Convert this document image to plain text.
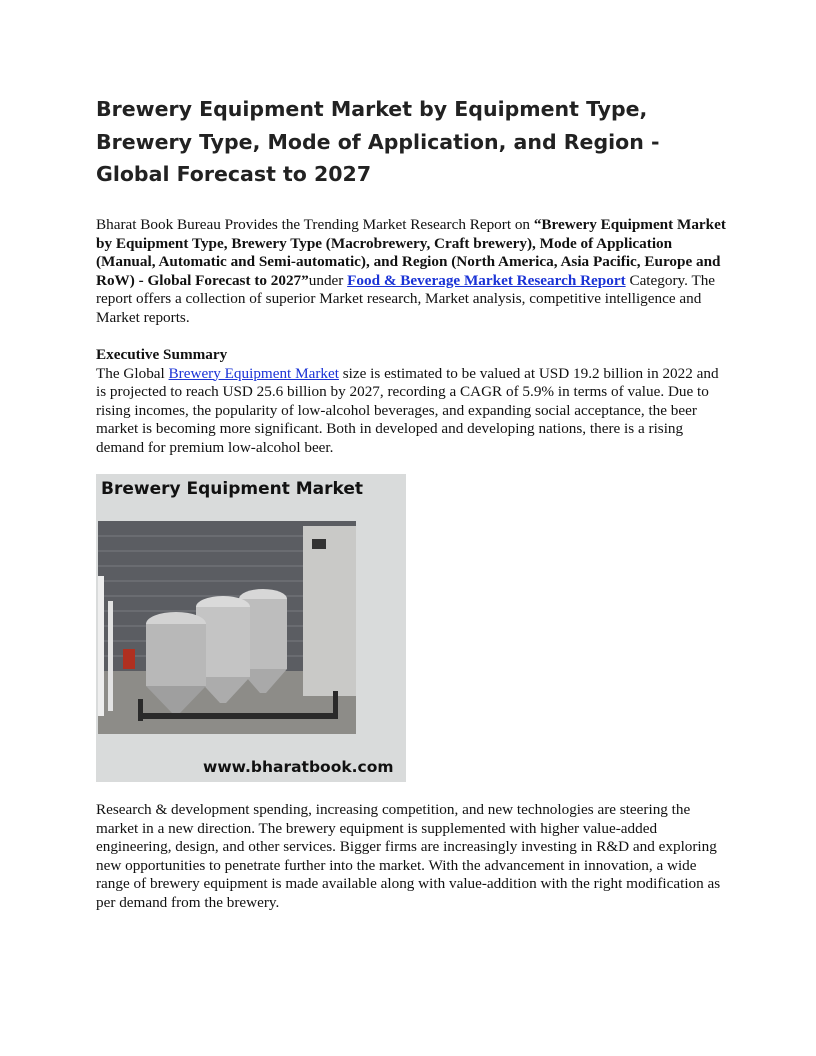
Brewery Equipment Market by Equipment Type, Brewery Type, Mode of Application, and Region - Global Forecast to 2027

Bharat Book Bureau Provides the Trending Market Research Report on “Brewery Equipment Market by Equipment Type, Brewery Type (Macrobrewery, Craft brewery), Mode of Application (Manual, Automatic and Semi-automatic), and Region (North America, Asia Pacific, Europe and RoW) - Global Forecast to 2027”under Food & Beverage Market Research Report Category. The report offers a collection of superior Market research, Market analysis, competitive intelligence and Market reports.

Executive Summary

The Global Brewery Equipment Market size is estimated to be valued at USD 19.2 billion in 2022 and is projected to reach USD 25.6 billion by 2027, recording a CAGR of 5.9% in terms of value. Due to rising incomes, the popularity of low-alcohol beverages, and expanding social acceptance, the beer market is becoming more significant. Both in developed and developing nations, there is a rising demand for premium low-alcohol beer.

Brewery Equipment Market
www.bharatbook.com

Research & development spending, increasing competition, and new technologies are steering the market in a new direction. The brewery equipment is supplemented with higher value-added engineering, design, and other services. Bigger firms are increasingly investing in R&D and exploring new opportunities to penetrate further into the market. With the advancement in innovation, a wide range of brewery equipment is made available along with value-addition with the right modification as per demand from the brewery.
